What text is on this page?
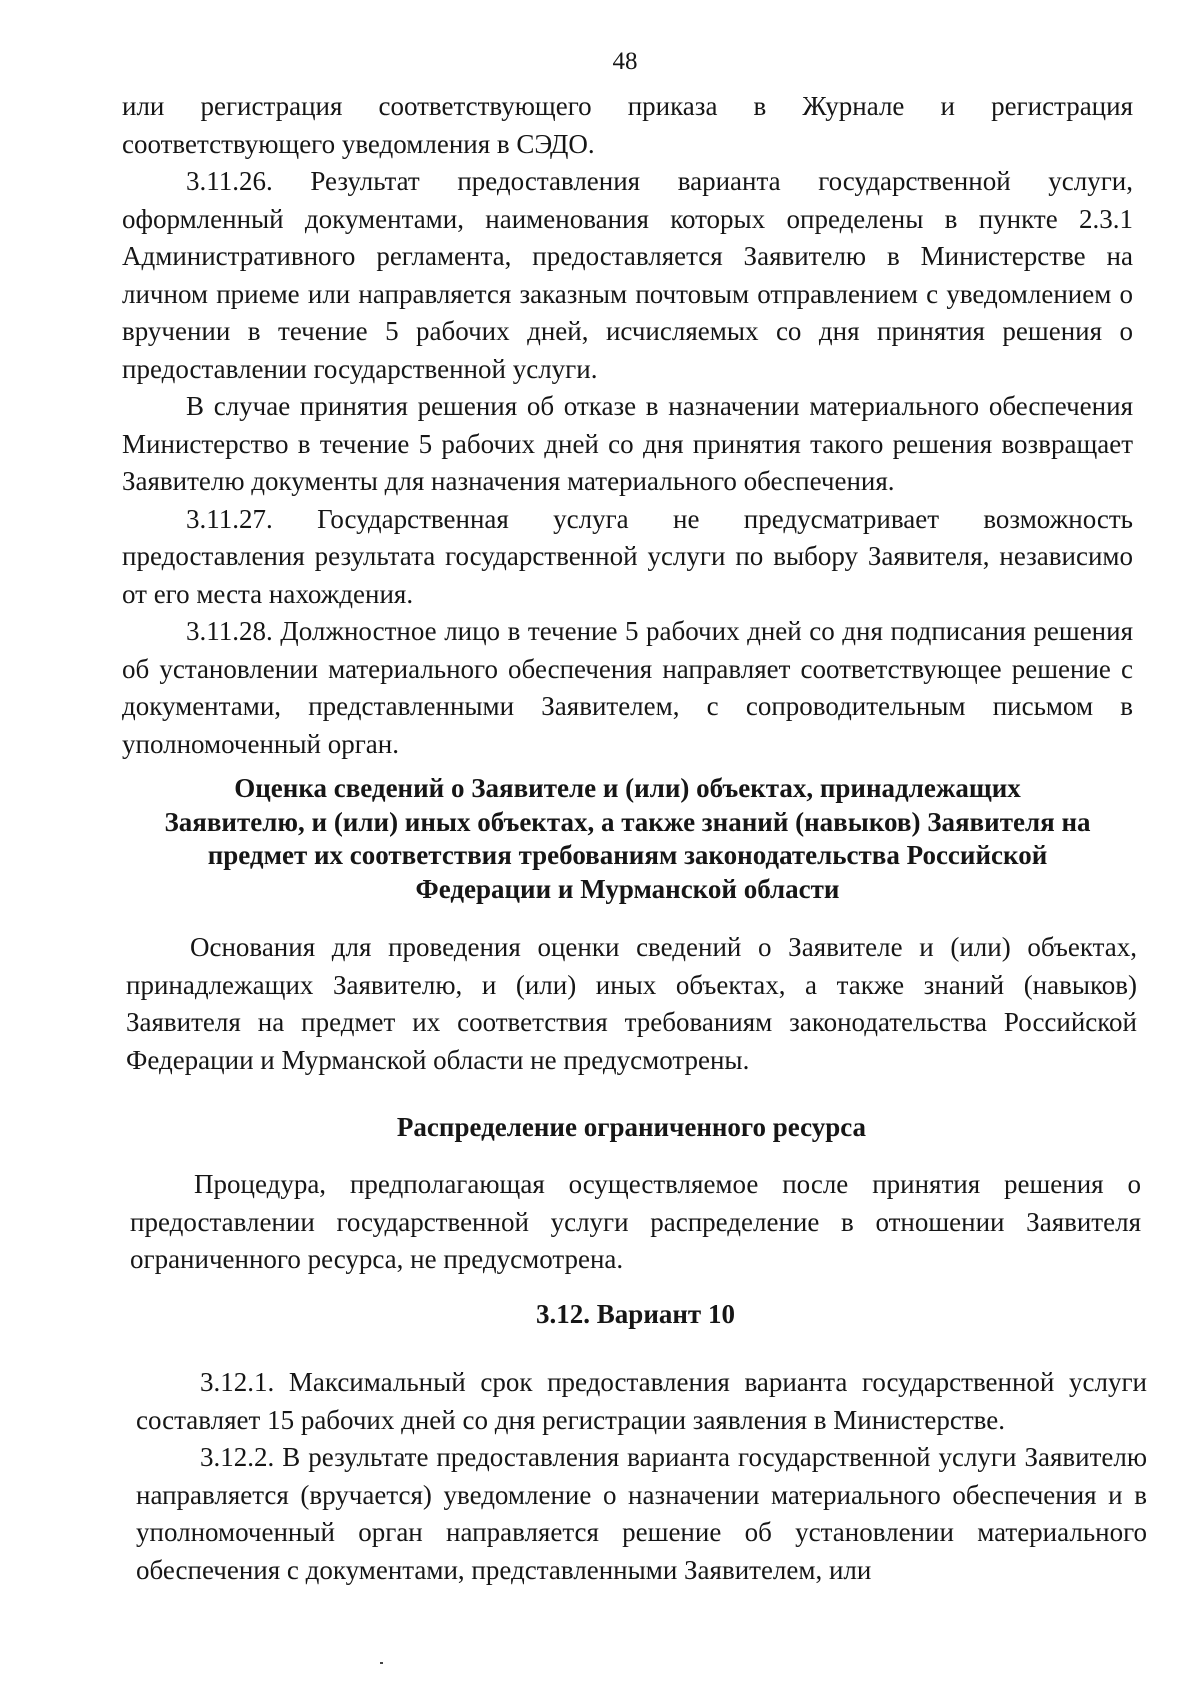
48

или регистрация соответствующего приказа в Журнале и регистрация соответствующего уведомления в СЭДО.

3.11.26. Результат предоставления варианта государственной услуги, оформленный документами, наименования которых определены в пункте 2.3.1 Административного регламента, предоставляется Заявителю в Министерстве на личном приеме или направляется заказным почтовым отправлением с уведомлением о вручении в течение 5 рабочих дней, исчисляемых со дня принятия решения о предоставлении государственной услуги.

В случае принятия решения об отказе в назначении материального обеспечения Министерство в течение 5 рабочих дней со дня принятия такого решения возвращает Заявителю документы для назначения материального обеспечения.

3.11.27. Государственная услуга не предусматривает возможность предоставления результата государственной услуги по выбору Заявителя, независимо от его места нахождения.

3.11.28. Должностное лицо в течение 5 рабочих дней со дня подписания решения об установлении материального обеспечения направляет соответствующее решение с документами, представленными Заявителем, с сопроводительным письмом в уполномоченный орган.

Оценка сведений о Заявителе и (или) объектах, принадлежащих

Заявителю, и (или) иных объектах, а также знаний (навыков) Заявителя на

предмет их соответствия требованиям законодательства Российской

Федерации и Мурманской области

Основания для проведения оценки сведений о Заявителе и (или) объектах, принадлежащих Заявителю, и (или) иных объектах, а также знаний (навыков) Заявителя на предмет их соответствия требованиям законодательства Российской Федерации и Мурманской области не предусмотрены.

Распределение ограниченного ресурса

Процедура, предполагающая осуществляемое после принятия решения о предоставлении государственной услуги распределение в отношении Заявителя ограниченного ресурса, не предусмотрена.

3.12. Вариант 10

3.12.1. Максимальный срок предоставления варианта государственной услуги составляет 15 рабочих дней со дня регистрации заявления в Министерстве.

3.12.2. В результате предоставления варианта государственной услуги Заявителю направляется (вручается) уведомление о назначении материального обеспечения и в уполномоченный орган направляется решение об установлении материального обеспечения с документами, представленными Заявителем, или
